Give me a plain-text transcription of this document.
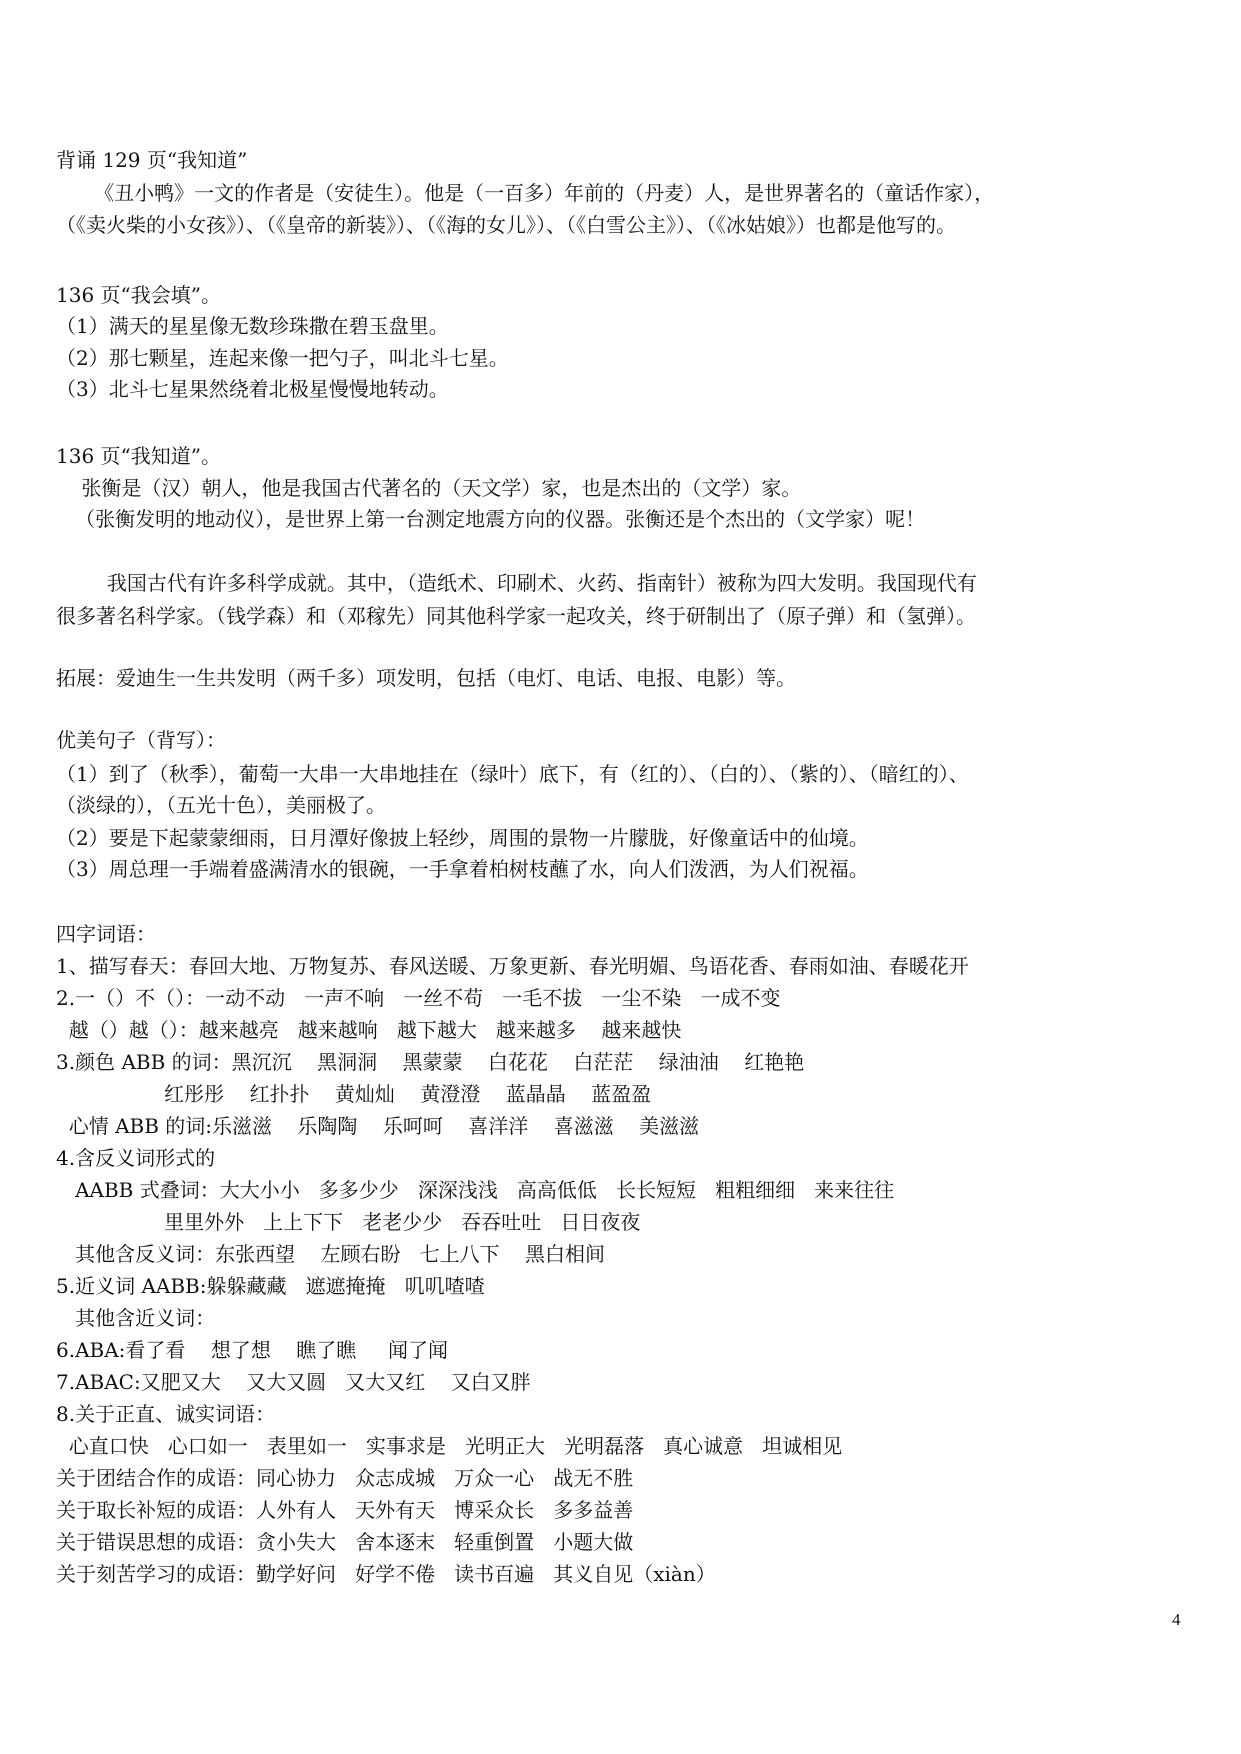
背诵 129 页“我知道”
《丑小鸭》一文的作者是（安徒生）。他是（一百多）年前的（丹麦）人，是世界著名的（童话作家），
（《卖火柴的小女孩》）、（《皇帝的新装》）、（《海的女儿》）、（《白雪公主》）、（《冰姑娘》）也都是他写的。
136 页“我会填”。
（1）满天的星星像无数珍珠撒在碧玉盘里。
（2）那七颗星，连起来像一把勺子，叫北斗七星。
（3）北斗七星果然绕着北极星慢慢地转动。
136 页“我知道”。
张衡是（汉）朝人，他是我国古代著名的（天文学）家，也是杰出的（文学）家。
（张衡发明的地动仪），是世界上第一台测定地震方向的仪器。张衡还是个杰出的（文学家）呢！
我国古代有许多科学成就。其中，（造纸术、印刷术、火药、指南针）被称为四大发明。我国现代有
很多著名科学家。（钱学森）和（邓稼先）同其他科学家一起攻关，终于研制出了（原子弹）和（氢弹）。
拓展：爱迪生一生共发明（两千多）项发明，包括（电灯、电话、电报、电影）等。
优美句子（背写）：
（1）到了（秋季），葡萄一大串一大串地挂在（绿叶）底下，有（红的）、（白的）、（紫的）、（暗红的）、
（淡绿的），（五光十色），美丽极了。
（2）要是下起蒙蒙细雨，日月潭好像披上轻纱，周围的景物一片朦胧，好像童话中的仙境。
（3）周总理一手端着盛满清水的银碗，一手拿着柏树枝蘸了水，向人们泼洒，为人们祝福。
四字词语：
1、描写春天：春回大地、万物复苏、春风送暖、万象更新、春光明媚、鸟语花香、春雨如油、春暖花开
2.一（）不（）：一动不动   一声不响   一丝不苟   一毛不拔   一尘不染   一成不变
越（）越（）：越来越亮   越来越响   越下越大   越来越多    越来越快
3.颜色 ABB 的词：黑沉沉    黑洞洞    黑蒙蒙    白花花    白茫茫    绿油油    红艳艳
红彤彤    红扑扑    黄灿灿    黄澄澄    蓝晶晶    蓝盈盈
心情 ABB 的词:乐滋滋    乐陶陶    乐呵呵    喜洋洋    喜滋滋    美滋滋
4.含反义词形式的
AABB 式叠词：大大小小   多多少少   深深浅浅   高高低低   长长短短   粗粗细细   来来往往
里里外外   上上下下   老老少少   吞吞吐吐   日日夜夜
其他含反义词：东张西望    左顾右盼   七上八下    黑白相间
5.近义词 AABB:躲躲藏藏   遮遮掩掩   叽叽喳喳
其他含近义词：
6.ABA:看了看    想了想    瞧了瞧     闻了闻
7.ABAC:又肥又大    又大又圆   又大又红    又白又胖
8.关于正直、诚实词语：
心直口快   心口如一   表里如一   实事求是   光明正大   光明磊落   真心诚意   坦诚相见
关于团结合作的成语：同心协力   众志成城   万众一心   战无不胜
关于取长补短的成语：人外有人   天外有天   博采众长   多多益善
关于错误思想的成语：贪小失大   舍本逐末   轻重倒置   小题大做
关于刻苦学习的成语：勤学好问   好学不倦   读书百遍   其义自见（xiàn）
4
